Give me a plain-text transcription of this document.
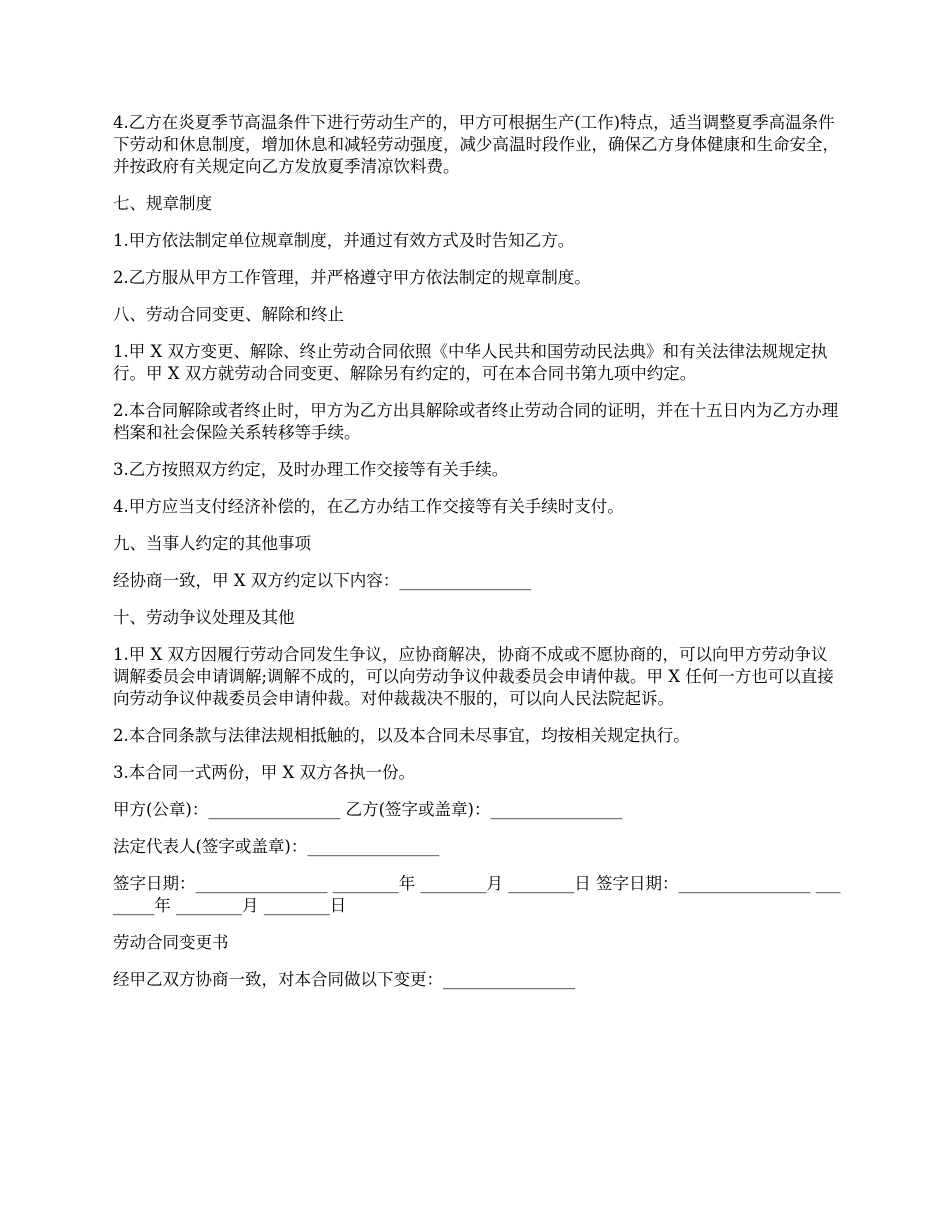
4.乙方在炎夏季节高温条件下进行劳动生产的，甲方可根据生产(工作)特点，适当调整夏季高温条件下劳动和休息制度，增加休息和减轻劳动强度，减少高温时段作业，确保乙方身体健康和生命安全，并按政府有关规定向乙方发放夏季清凉饮料费。

七、规章制度

1.甲方依法制定单位规章制度，并通过有效方式及时告知乙方。

2.乙方服从甲方工作管理，并严格遵守甲方依法制定的规章制度。

八、劳动合同变更、解除和终止

1.甲 X 双方变更、解除、终止劳动合同依照《中华人民共和国劳动民法典》和有关法律法规规定执行。甲 X 双方就劳动合同变更、解除另有约定的，可在本合同书第九项中约定。

2.本合同解除或者终止时，甲方为乙方出具解除或者终止劳动合同的证明，并在十五日内为乙方办理档案和社会保险关系转移等手续。

3.乙方按照双方约定，及时办理工作交接等有关手续。

4.甲方应当支付经济补偿的，在乙方办结工作交接等有关手续时支付。

九、当事人约定的其他事项

经协商一致，甲 X 双方约定以下内容：________________

十、劳动争议处理及其他

1.甲 X 双方因履行劳动合同发生争议，应协商解决，协商不成或不愿协商的，可以向甲方劳动争议调解委员会申请调解;调解不成的，可以向劳动争议仲裁委员会申请仲裁。甲 X 任何一方也可以直接向劳动争议仲裁委员会申请仲裁。对仲裁裁决不服的，可以向人民法院起诉。

2.本合同条款与法律法规相抵触的，以及本合同未尽事宜，均按相关规定执行。

3.本合同一式两份，甲 X 双方各执一份。

甲方(公章)：________________ 乙方(签字或盖章)：________________

法定代表人(签字或盖章)：________________

签字日期：________________ ________年 ________月 ________日 签字日期：________________ ________年 ________月 ________日

劳动合同变更书

经甲乙双方协商一致，对本合同做以下变更：________________
